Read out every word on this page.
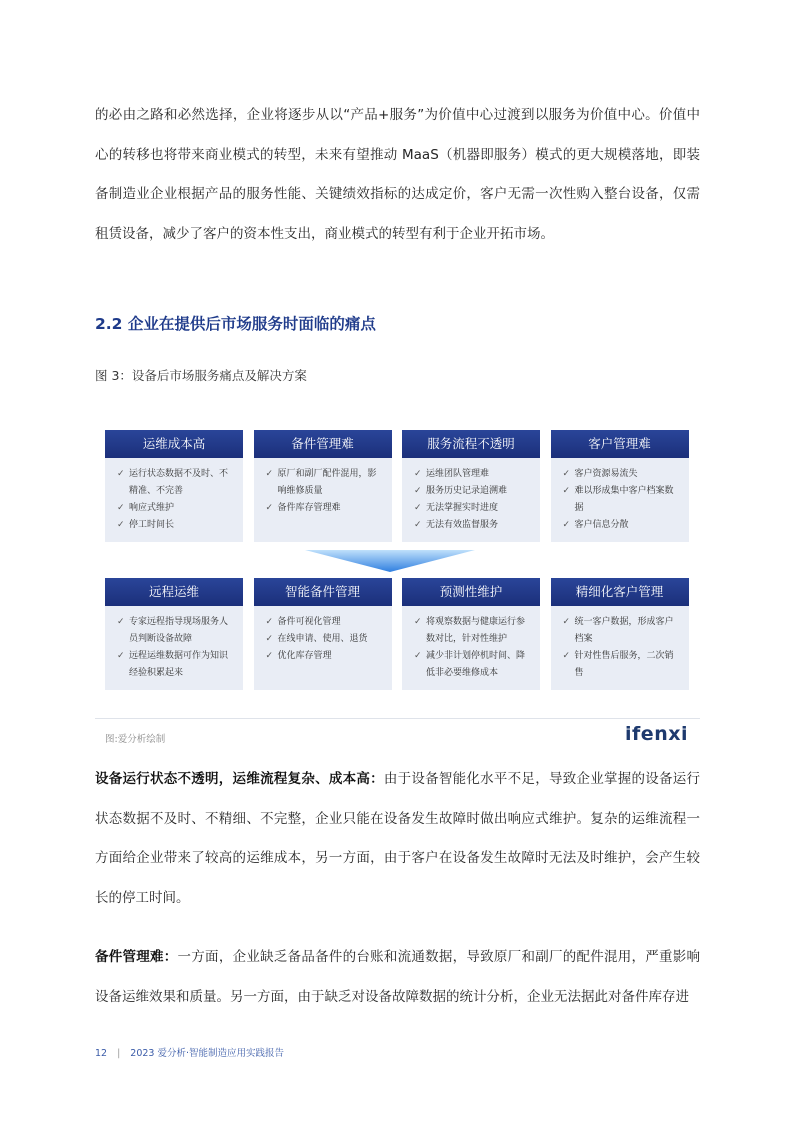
的必由之路和必然选择，企业将逐步从以“产品+服务”为价值中心过渡到以服务为价值中心。价值中心的转移也将带来商业模式的转型，未来有望推动 MaaS（机器即服务）模式的更大规模落地，即装备制造业企业根据产品的服务性能、关键绩效指标的达成定价，客户无需一次性购入整台设备，仅需租赁设备，减少了客户的资本性支出，商业模式的转型有利于企业开拓市场。

2.2 企业在提供后市场服务时面临的痛点

图 3：设备后市场服务痛点及解决方案

运维成本高
✓ 运行状态数据不及时、不精准、不完善
✓ 响应式维护
✓ 停工时间长
备件管理难
✓ 原厂和副厂配件混用，影响维修质量
✓ 备件库存管理难
服务流程不透明
✓ 运维团队管理难
✓ 服务历史记录追溯难
✓ 无法掌握实时进度
✓ 无法有效监督服务
客户管理难
✓ 客户资源易流失
✓ 难以形成集中客户档案数据
✓ 客户信息分散
远程运维
✓ 专家远程指导现场服务人员判断设备故障
✓ 远程运维数据可作为知识经验积累起来
智能备件管理
✓ 备件可视化管理
✓ 在线申请、使用、退货
✓ 优化库存管理
预测性维护
✓ 将观察数据与健康运行参数对比，针对性维护
✓ 减少非计划停机时间、降低非必要维修成本
精细化客户管理
✓ 统一客户数据，形成客户档案
✓ 针对性售后服务，二次销售
图:爱分析绘制	ifenxi

设备运行状态不透明，运维流程复杂、成本高：由于设备智能化水平不足，导致企业掌握的设备运行状态数据不及时、不精细、不完整，企业只能在设备发生故障时做出响应式维护。复杂的运维流程一方面给企业带来了较高的运维成本，另一方面，由于客户在设备发生故障时无法及时维护，会产生较长的停工时间。

备件管理难：一方面，企业缺乏备品备件的台账和流通数据，导致原厂和副厂的配件混用，严重影响设备运维效果和质量。另一方面，由于缺乏对设备故障数据的统计分析，企业无法据此对备件库存进

12 | 2023 爱分析·智能制造应用实践报告
